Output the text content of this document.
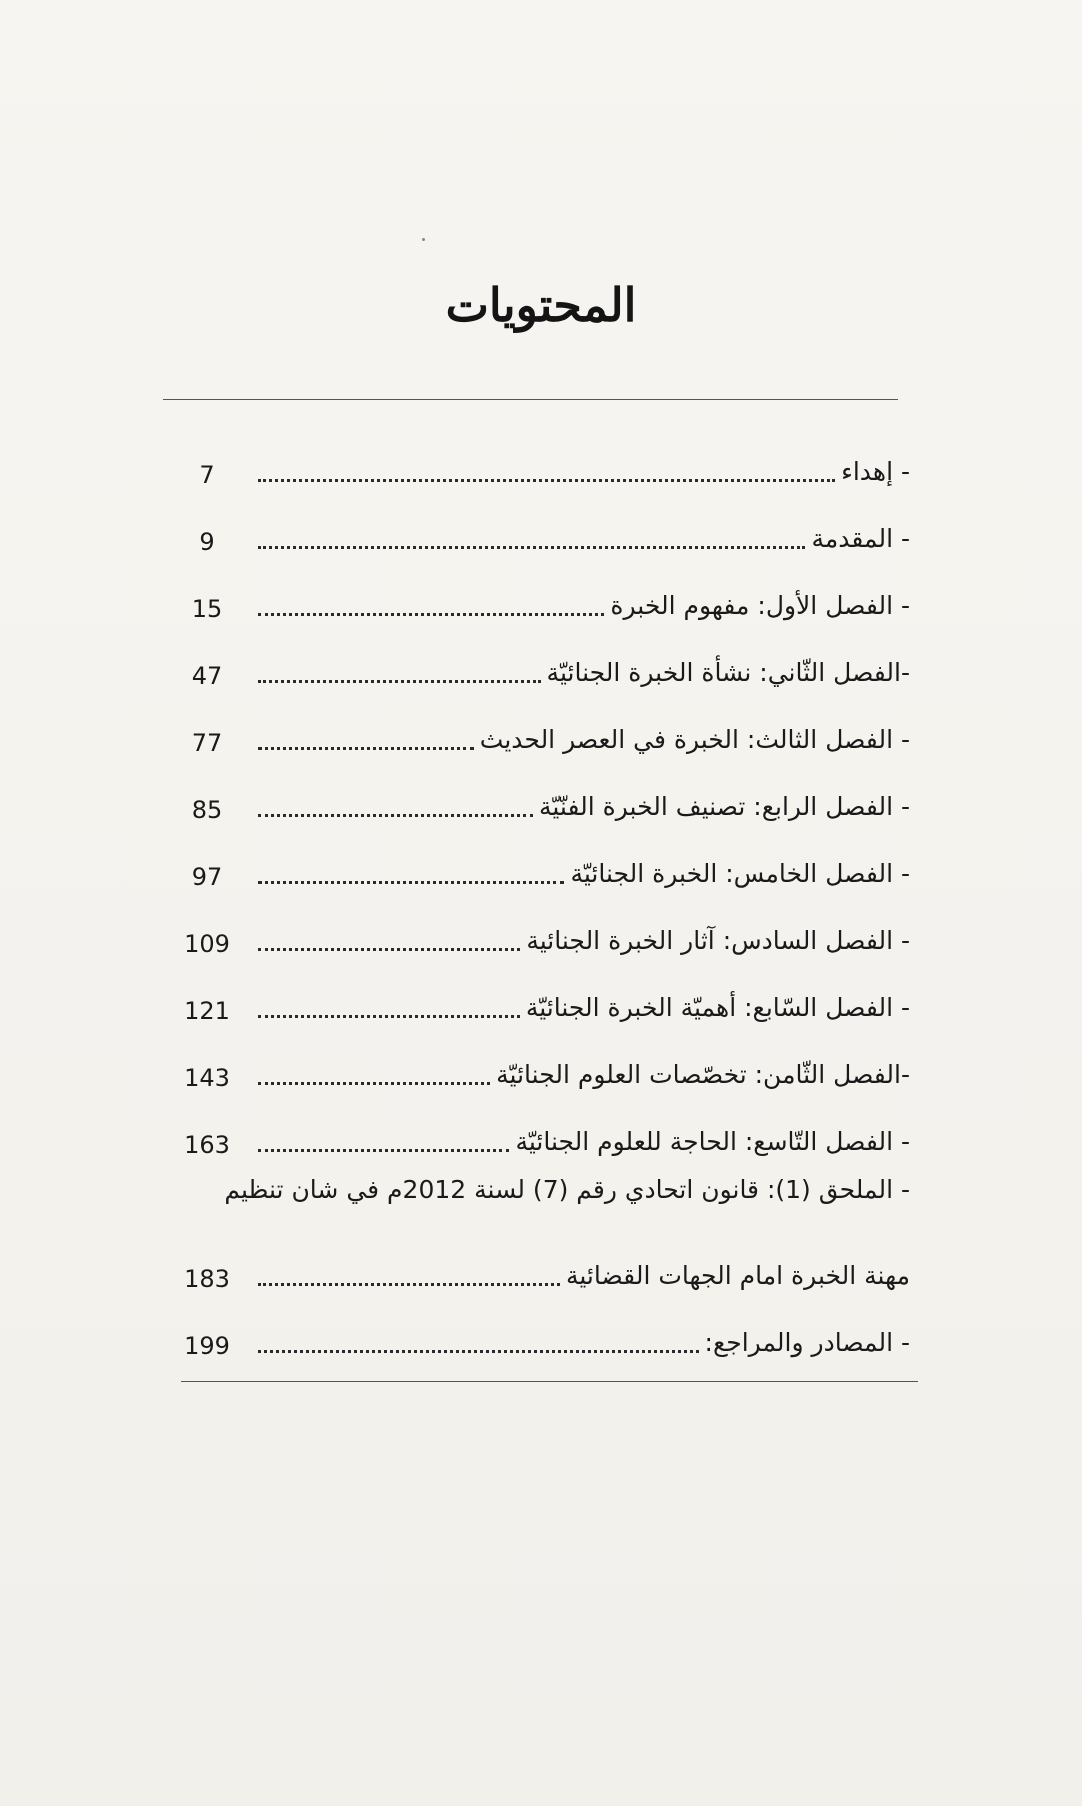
المحتويات
7	- إهداء
9	- المقدمة
15	- الفصل الأول: مفهوم الخبرة
47	-الفصل الثّاني: نشأة الخبرة الجنائيّة
77	- الفصل الثالث: الخبرة في العصر الحديث
85	- الفصل الرابع: تصنيف الخبرة الفنّيّة
97	- الفصل الخامس: الخبرة الجنائيّة
109	- الفصل السادس: آثار الخبرة الجنائية
121	- الفصل السّابع: أهميّة الخبرة الجنائيّة
143	-الفصل الثّامن: تخصّصات العلوم الجنائيّة
163	- الفصل التّاسع: الحاجة للعلوم الجنائيّة
- الملحق (1): قانون اتحادي رقم (7) لسنة 2012م في شان تنظيم
183	مهنة الخبرة امام الجهات القضائية
199	- المصادر والمراجع:
